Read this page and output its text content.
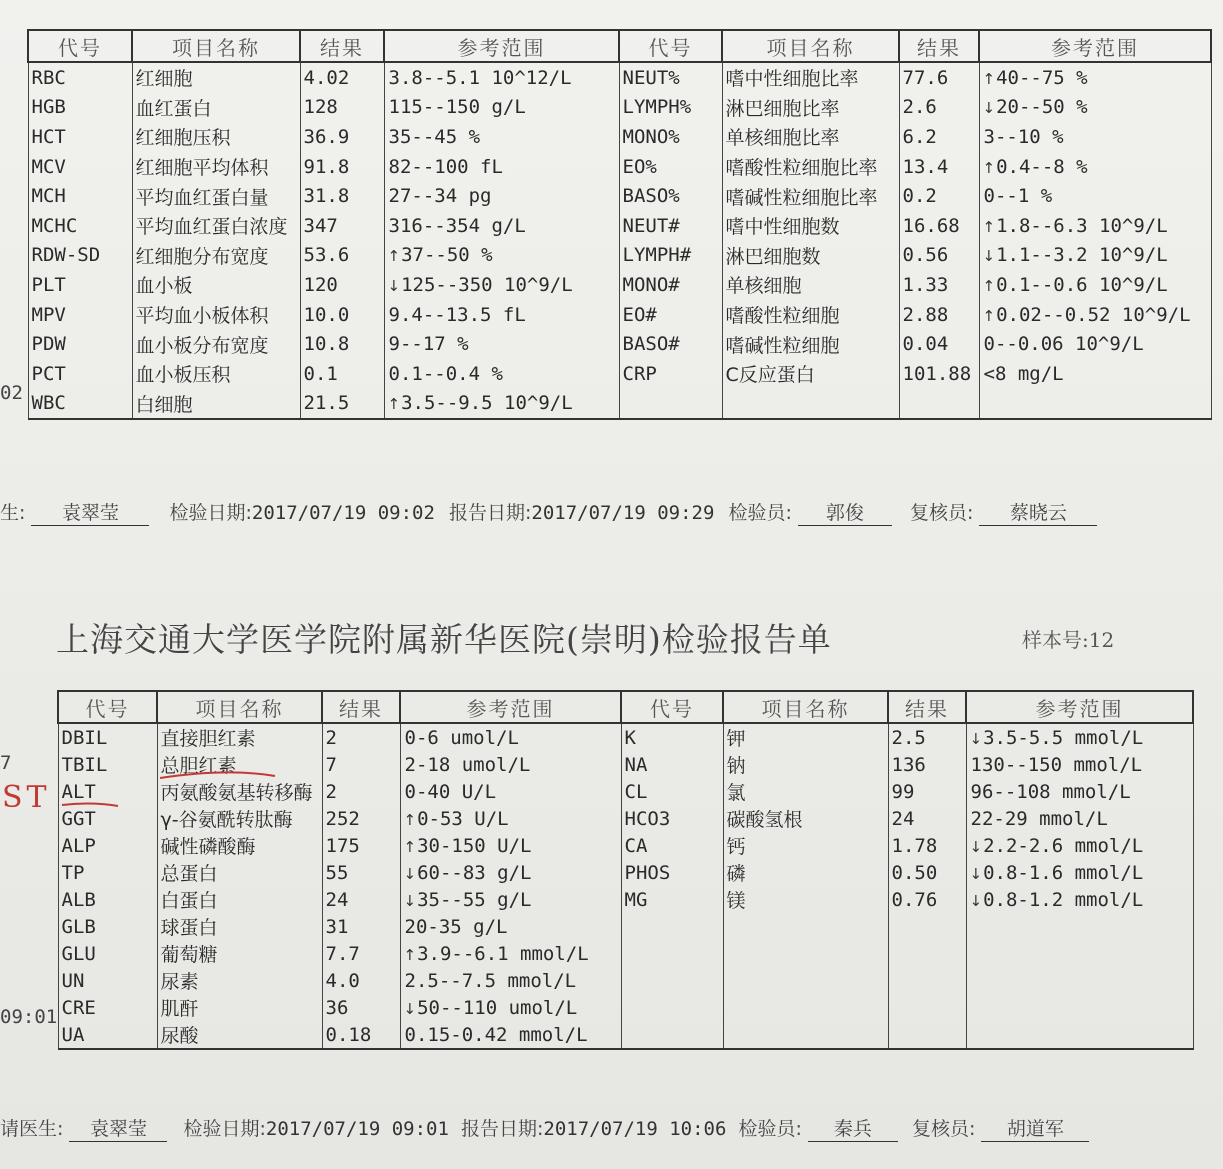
代号	项目名称	结果	参考范围	代号	项目名称	结果	参考范围
RBC	红细胞	4.02	3.8--5.1 10^12/L	NEUT%	嗜中性细胞比率	77.6	↑40--75 %
HGB	血红蛋白	128	115--150 g/L	LYMPH%	淋巴细胞比率	2.6	↓20--50 %
HCT	红细胞压积	36.9	35--45 %	MONO%	单核细胞比率	6.2	3--10 %
MCV	红细胞平均体积	91.8	82--100 fL	EO%	嗜酸性粒细胞比率	13.4	↑0.4--8 %
MCH	平均血红蛋白量	31.8	27--34 pg	BASO%	嗜碱性粒细胞比率	0.2	0--1 %
MCHC	平均血红蛋白浓度	347	316--354 g/L	NEUT#	嗜中性细胞数	16.68	↑1.8--6.3 10^9/L
RDW-SD	红细胞分布宽度	53.6	↑37--50 %	LYMPH#	淋巴细胞数	0.56	↓1.1--3.2 10^9/L
PLT	血小板	120	↓125--350 10^9/L	MONO#	单核细胞	1.33	↑0.1--0.6 10^9/L
MPV	平均血小板体积	10.0	9.4--13.5 fL	EO#	嗜酸性粒细胞	2.88	↑0.02--0.52 10^9/L
PDW	血小板分布宽度	10.8	9--17 %	BASO#	嗜碱性粒细胞	0.04	0--0.06 10^9/L
PCT	血小板压积	0.1	0.1--0.4 %	CRP	C反应蛋白	101.88	<8 mg/L
WBC	白细胞	21.5	↑3.5--9.5 10^9/L				
02
生: 袁翠莹	检验日期:2017/07/19 09:02 报告日期:2017/07/19 09:29 检验员: 郭俊 复核员: 蔡晓云
上海交通大学医学院附属新华医院(崇明)检验报告单	样本号:12
代号	项目名称	结果	参考范围	代号	项目名称	结果	参考范围
DBIL	直接胆红素	2	0-6 umol/L	K	钾	2.5	↓3.5-5.5 mmol/L
TBIL	总胆红素	7	2-18 umol/L	NA	钠	136	130--150 mmol/L
ALT	丙氨酸氨基转移酶	2	0-40 U/L	CL	氯	99	96--108 mmol/L
GGT	γ-谷氨酰转肽酶	252	↑0-53 U/L	HCO3	碳酸氢根	24	22-29 mmol/L
ALP	碱性磷酸酶	175	↑30-150 U/L	CA	钙	1.78	↓2.2-2.6 mmol/L
TP	总蛋白	55	↓60--83 g/L	PHOS	磷	0.50	↓0.8-1.6 mmol/L
ALB	白蛋白	24	↓35--55 g/L	MG	镁	0.76	↓0.8-1.2 mmol/L
GLB	球蛋白	31	20-35 g/L				
GLU	葡萄糖	7.7	↑3.9--6.1 mmol/L				
UN	尿素	4.0	2.5--7.5 mmol/L				
CRE	肌酐	36	↓50--110 umol/L				
UA	尿酸	0.18	0.15-0.42 mmol/L				
7
09:01
ST
请医生: 袁翠莹 检验日期:2017/07/19 09:01 报告日期:2017/07/19 10:06 检验员: 秦兵 复核员: 胡道军
